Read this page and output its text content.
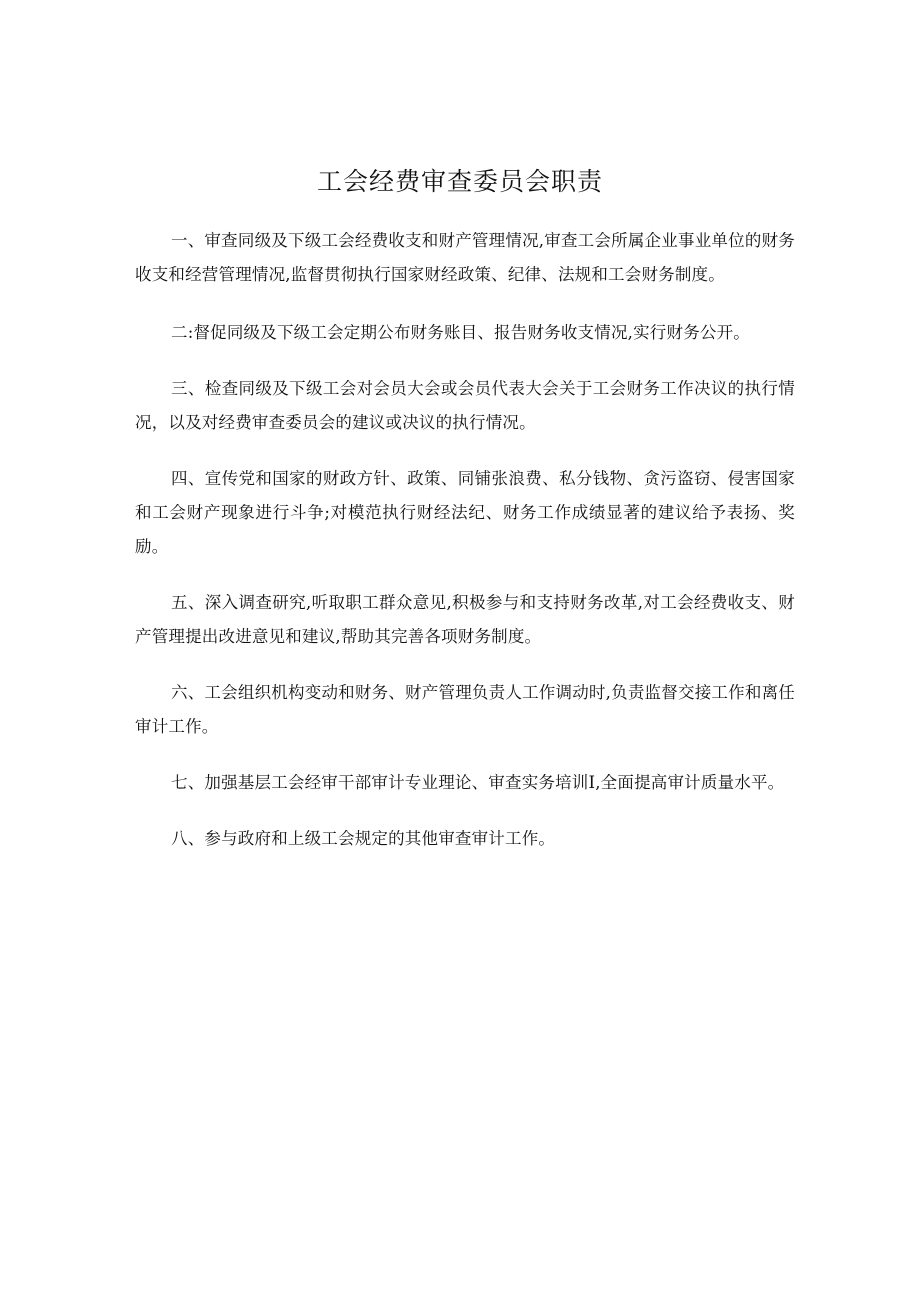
工会经费审查委员会职责

一、审查同级及下级工会经费收支和财产管理情况,审查工会所属企业事业单位的财务收支和经营管理情况,监督贯彻执行国家财经政策、纪律、法规和工会财务制度。

二:督促同级及下级工会定期公布财务账目、报告财务收支情况,实行财务公开。

三、检查同级及下级工会对会员大会或会员代表大会关于工会财务工作决议的执行情况，以及对经费审查委员会的建议或决议的执行情况。

四、宣传党和国家的财政方针、政策、同铺张浪费、私分钱物、贪污盗窃、侵害国家和工会财产现象进行斗争;对模范执行财经法纪、财务工作成绩显著的建议给予表扬、奖励。

五、深入调查研究,听取职工群众意见,积极参与和支持财务改革,对工会经费收支、财产管理提出改进意见和建议,帮助其完善各项财务制度。

六、工会组织机构变动和财务、财产管理负责人工作调动时,负责监督交接工作和离任审计工作。

七、加强基层工会经审干部审计专业理论、审查实务培训I,全面提高审计质量水平。

八、参与政府和上级工会规定的其他审查审计工作。
